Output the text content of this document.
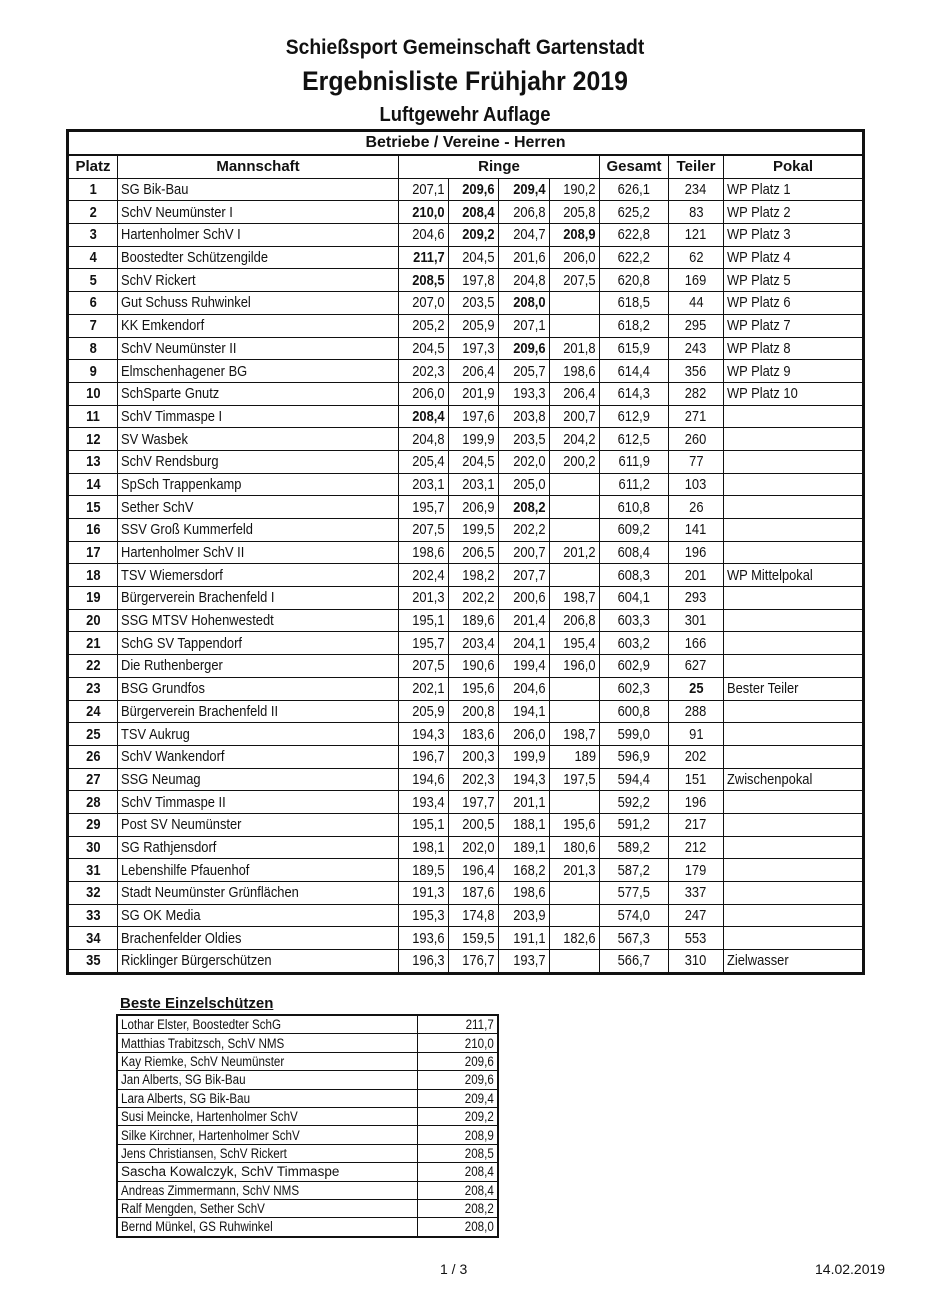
Schießsport Gemeinschaft Gartenstadt
Ergebnisliste Frühjahr 2019
Luftgewehr Auflage
Betriebe / Vereine - Herren								
Platz	Mannschaft	Ringe				Gesamt	Teiler	Pokal
1	SG Bik-Bau	207,1	209,6	209,4	190,2	626,1	234	WP Platz 1
2	SchV Neumünster I	210,0	208,4	206,8	205,8	625,2	83	WP Platz 2
3	Hartenholmer SchV I	204,6	209,2	204,7	208,9	622,8	121	WP Platz 3
4	Boostedter Schützengilde	211,7	204,5	201,6	206,0	622,2	62	WP Platz 4
5	SchV Rickert	208,5	197,8	204,8	207,5	620,8	169	WP Platz 5
6	Gut Schuss Ruhwinkel	207,0	203,5	208,0		618,5	44	WP Platz 6
7	KK Emkendorf	205,2	205,9	207,1		618,2	295	WP Platz 7
8	SchV Neumünster II	204,5	197,3	209,6	201,8	615,9	243	WP Platz 8
9	Elmschenhagener BG	202,3	206,4	205,7	198,6	614,4	356	WP Platz 9
10	SchSparte Gnutz	206,0	201,9	193,3	206,4	614,3	282	WP Platz 10
11	SchV Timmaspe I	208,4	197,6	203,8	200,7	612,9	271	
12	SV Wasbek	204,8	199,9	203,5	204,2	612,5	260	
13	SchV Rendsburg	205,4	204,5	202,0	200,2	611,9	77	
14	SpSch Trappenkamp	203,1	203,1	205,0		611,2	103	
15	Sether SchV	195,7	206,9	208,2		610,8	26	
16	SSV Groß Kummerfeld	207,5	199,5	202,2		609,2	141	
17	Hartenholmer SchV II	198,6	206,5	200,7	201,2	608,4	196	
18	TSV Wiemersdorf	202,4	198,2	207,7		608,3	201	WP Mittelpokal
19	Bürgerverein Brachenfeld I	201,3	202,2	200,6	198,7	604,1	293	
20	SSG MTSV Hohenwestedt	195,1	189,6	201,4	206,8	603,3	301	
21	SchG SV Tappendorf	195,7	203,4	204,1	195,4	603,2	166	
22	Die Ruthenberger	207,5	190,6	199,4	196,0	602,9	627	
23	BSG Grundfos	202,1	195,6	204,6		602,3	25	Bester Teiler
24	Bürgerverein Brachenfeld II	205,9	200,8	194,1		600,8	288	
25	TSV Aukrug	194,3	183,6	206,0	198,7	599,0	91	
26	SchV Wankendorf	196,7	200,3	199,9	189	596,9	202	
27	SSG Neumag	194,6	202,3	194,3	197,5	594,4	151	Zwischenpokal
28	SchV Timmaspe II	193,4	197,7	201,1		592,2	196	
29	Post SV Neumünster	195,1	200,5	188,1	195,6	591,2	217	
30	SG Rathjensdorf	198,1	202,0	189,1	180,6	589,2	212	
31	Lebenshilfe Pfauenhof	189,5	196,4	168,2	201,3	587,2	179	
32	Stadt Neumünster Grünflächen	191,3	187,6	198,6		577,5	337	
33	SG OK Media	195,3	174,8	203,9		574,0	247	
34	Brachenfelder Oldies	193,6	159,5	191,1	182,6	567,3	553	
35	Ricklinger Bürgerschützen	196,3	176,7	193,7		566,7	310	Zielwasser
Beste Einzelschützen
Lothar Elster, Boostedter SchG	211,7
Matthias Trabitzsch, SchV NMS	210,0
Kay Riemke, SchV Neumünster	209,6
Jan Alberts, SG Bik-Bau	209,6
Lara Alberts, SG Bik-Bau	209,4
Susi Meincke, Hartenholmer SchV	209,2
Silke Kirchner, Hartenholmer SchV	208,9
Jens Christiansen, SchV Rickert	208,5
Sascha Kowalczyk, SchV Timmaspe	208,4
Andreas Zimmermann, SchV NMS	208,4
Ralf Mengden, Sether SchV	208,2
Bernd Münkel, GS Ruhwinkel	208,0
1 / 3	14.02.2019
